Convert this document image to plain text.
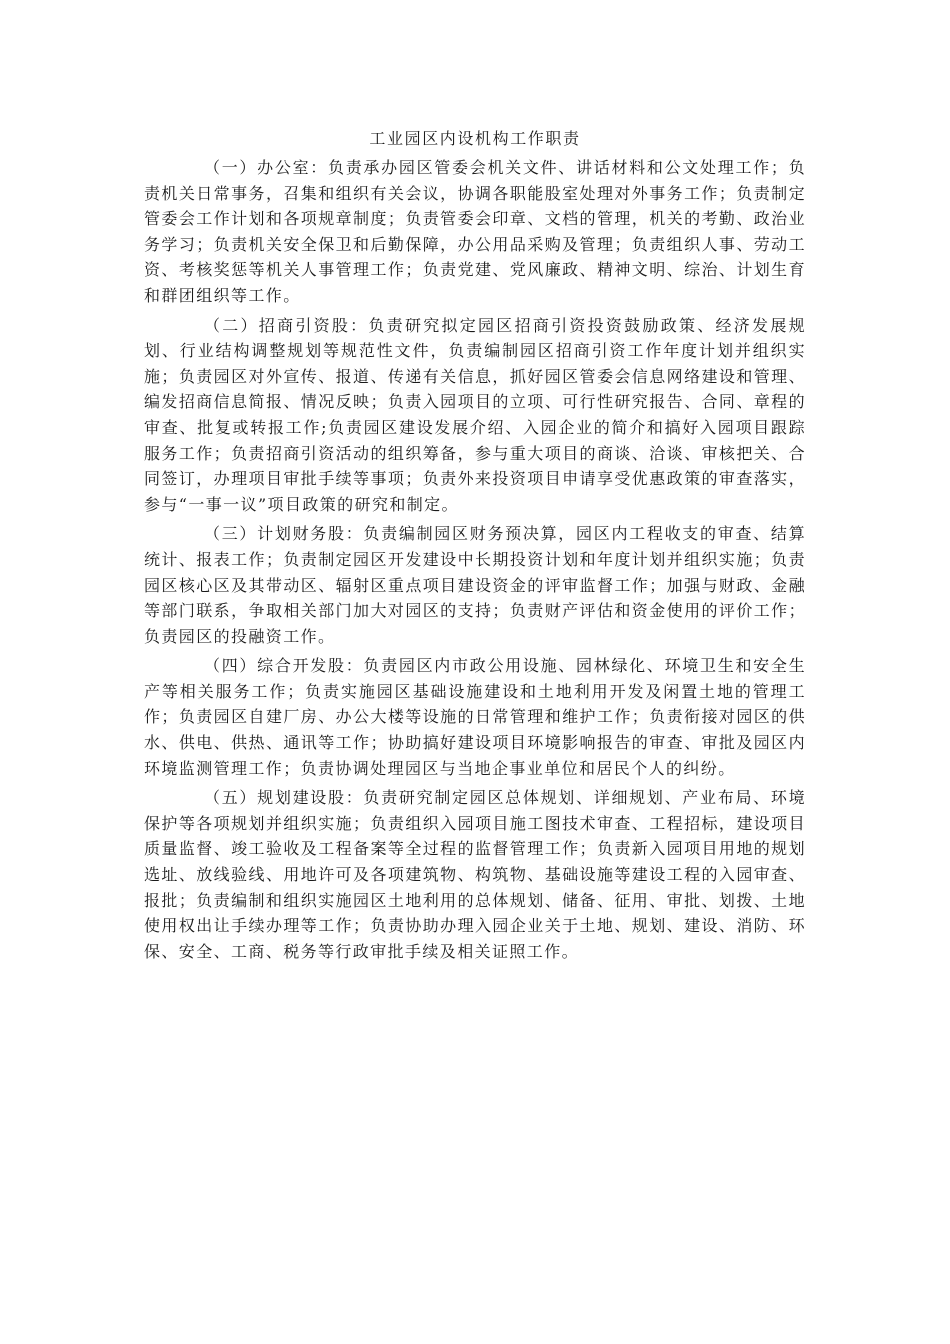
工业园区内设机构工作职责

（一）办公室：负责承办园区管委会机关文件、讲话材料和公文处理工作；负责机关日常事务，召集和组织有关会议，协调各职能股室处理对外事务工作；负责制定管委会工作计划和各项规章制度；负责管委会印章、文档的管理，机关的考勤、政治业务学习；负责机关安全保卫和后勤保障，办公用品采购及管理；负责组织人事、劳动工资、考核奖惩等机关人事管理工作；负责党建、党风廉政、精神文明、综治、计划生育和群团组织等工作。

（二）招商引资股：负责研究拟定园区招商引资投资鼓励政策、经济发展规划、行业结构调整规划等规范性文件，负责编制园区招商引资工作年度计划并组织实施；负责园区对外宣传、报道、传递有关信息，抓好园区管委会信息网络建设和管理、编发招商信息简报、情况反映；负责入园项目的立项、可行性研究报告、合同、章程的审查、批复或转报工作;负责园区建设发展介绍、入园企业的简介和搞好入园项目跟踪服务工作；负责招商引资活动的组织筹备，参与重大项目的商谈、洽谈、审核把关、合同签订，办理项目审批手续等事项；负责外来投资项目申请享受优惠政策的审查落实，参与“一事一议”项目政策的研究和制定。

（三）计划财务股：负责编制园区财务预决算，园区内工程收支的审查、结算统计、报表工作；负责制定园区开发建设中长期投资计划和年度计划并组织实施；负责园区核心区及其带动区、辐射区重点项目建设资金的评审监督工作；加强与财政、金融等部门联系，争取相关部门加大对园区的支持；负责财产评估和资金使用的评价工作；负责园区的投融资工作。

（四）综合开发股：负责园区内市政公用设施、园林绿化、环境卫生和安全生产等相关服务工作；负责实施园区基础设施建设和土地利用开发及闲置土地的管理工作；负责园区自建厂房、办公大楼等设施的日常管理和维护工作；负责衔接对园区的供水、供电、供热、通讯等工作；协助搞好建设项目环境影响报告的审查、审批及园区内环境监测管理工作；负责协调处理园区与当地企事业单位和居民个人的纠纷。

（五）规划建设股：负责研究制定园区总体规划、详细规划、产业布局、环境保护等各项规划并组织实施；负责组织入园项目施工图技术审查、工程招标，建设项目质量监督、竣工验收及工程备案等全过程的监督管理工作；负责新入园项目用地的规划选址、放线验线、用地许可及各项建筑物、构筑物、基础设施等建设工程的入园审查、报批；负责编制和组织实施园区土地利用的总体规划、储备、征用、审批、划拨、土地使用权出让手续办理等工作；负责协助办理入园企业关于土地、规划、建设、消防、环保、安全、工商、税务等行政审批手续及相关证照工作。
